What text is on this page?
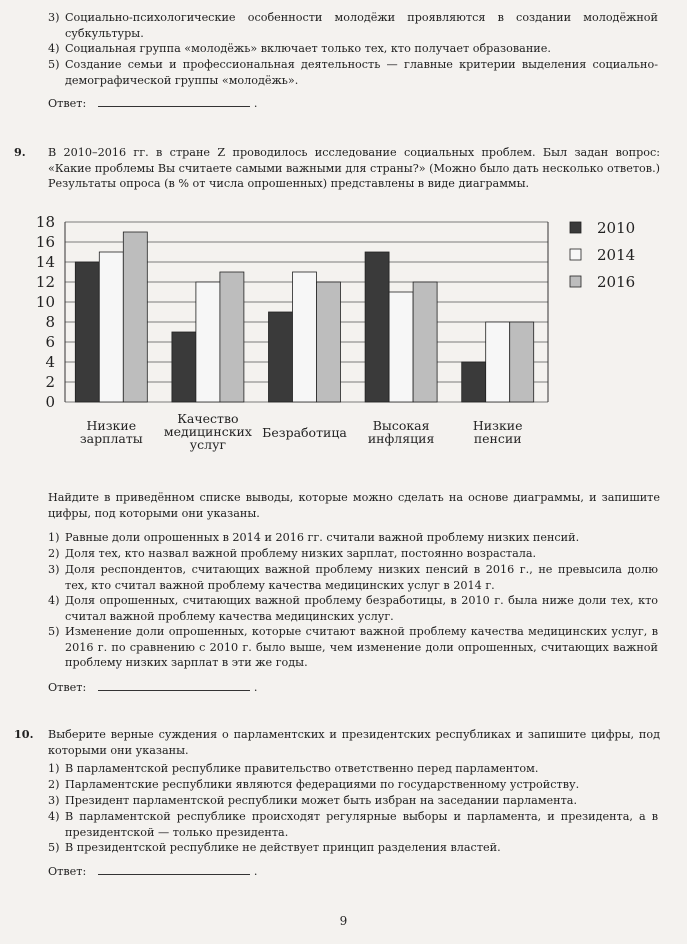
3) Социально-психологические особенности молодёжи проявляются в создании молодёжной субкультуры.
4) Социальная группа «молодёжь» включает только тех, кто получает образование.
5) Создание семьи и профессиональная деятельность — главные критерии выделения социально-демографической группы «молодёжь».
Ответ:	.
9. В 2010–2016 гг. в стране Z проводилось исследование социальных проблем. Был задан вопрос: «Какие проблемы Вы считаете самыми важными для страны?» (Можно было дать несколько ответов.) Результаты опроса (в % от числа опрошенных) представлены в виде диаграммы.
0
2
4
6
8
10
12
14
16
18
Низкие
зарплаты
Качество
медицинских
услуг
Безработица Высокая
инфляция
Низкие
пенсии
2010
2014
2016
Найдите в приведённом списке выводы, которые можно сделать на основе диаграммы, и запишите цифры, под которыми они указаны.
1) Равные доли опрошенных в 2014 и 2016 гг. считали важной проблему низких пенсий.
2) Доля тех, кто назвал важной проблему низких зарплат, постоянно возрастала.
3) Доля респондентов, считающих важной проблему низких пенсий в 2016 г., не превысила долю тех, кто считал важной проблему качества медицинских услуг в 2014 г.
4) Доля опрошенных, считающих важной проблему безработицы, в 2010 г. была ниже доли тех, кто считал важной проблему качества медицинских услуг.
5) Изменение доли опрошенных, которые считают важной проблему качества медицинских услуг, в 2016 г. по сравнению с 2010 г. было выше, чем изменение доли опрошенных, считающих важной проблему низких зарплат в эти же годы.
Ответ:	.
10. Выберите верные суждения о парламентских и президентских республиках и запишите цифры, под которыми они указаны.
1) В парламентской республике правительство ответственно перед парламентом.
2) Парламентские республики являются федерациями по государственному устройству.
3) Президент парламентской республики может быть избран на заседании парламента.
4) В парламентской республике происходят регулярные выборы и парламента, и президента, а в президентской — только президента.
5) В президентской республике не действует принцип разделения властей.
Ответ:	.
9
